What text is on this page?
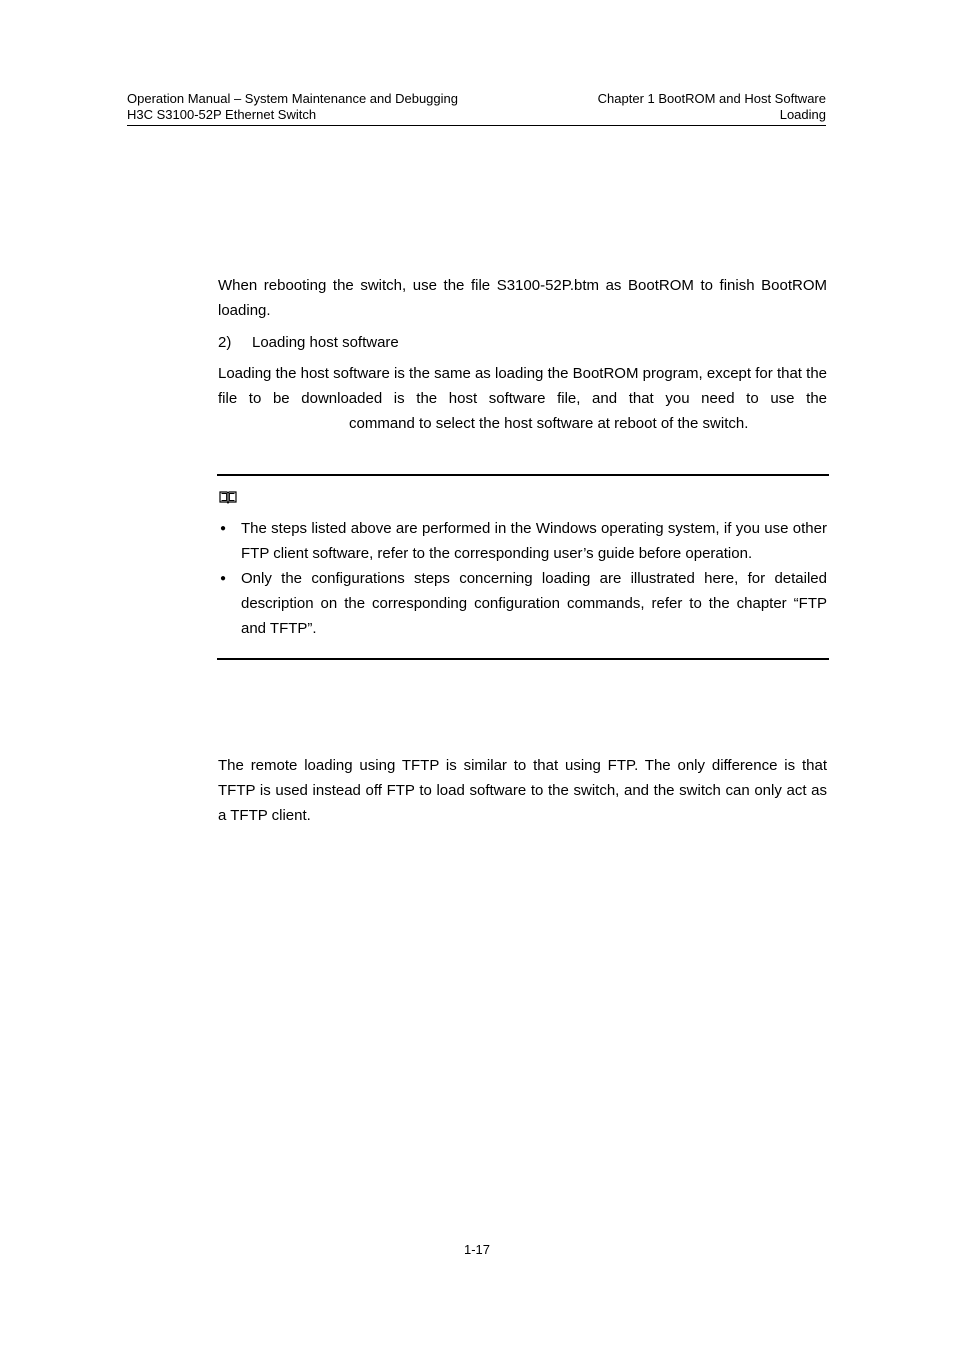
Operation Manual – System Maintenance and Debugging
H3C S3100-52P Ethernet Switch
Chapter 1 BootROM and Host Software
Loading

When rebooting the switch, use the file S3100-52P.btm as BootROM to finish BootROM loading.

2) Loading host software

Loading the host software is the same as loading the BootROM program, except for that the file to be downloaded is the host software file, and that you need to use the

command to select the host software at reboot of the switch.
● The steps listed above are performed in the Windows operating system, if you use other FTP client software, refer to the corresponding user’s guide before operation.
● Only the configurations steps concerning loading are illustrated here, for detailed description on the corresponding configuration commands, refer to the chapter “FTP and TFTP”.

The remote loading using TFTP is similar to that using FTP. The only difference is that TFTP is used instead off FTP to load software to the switch, and the switch can only act as a TFTP client.

1-17
